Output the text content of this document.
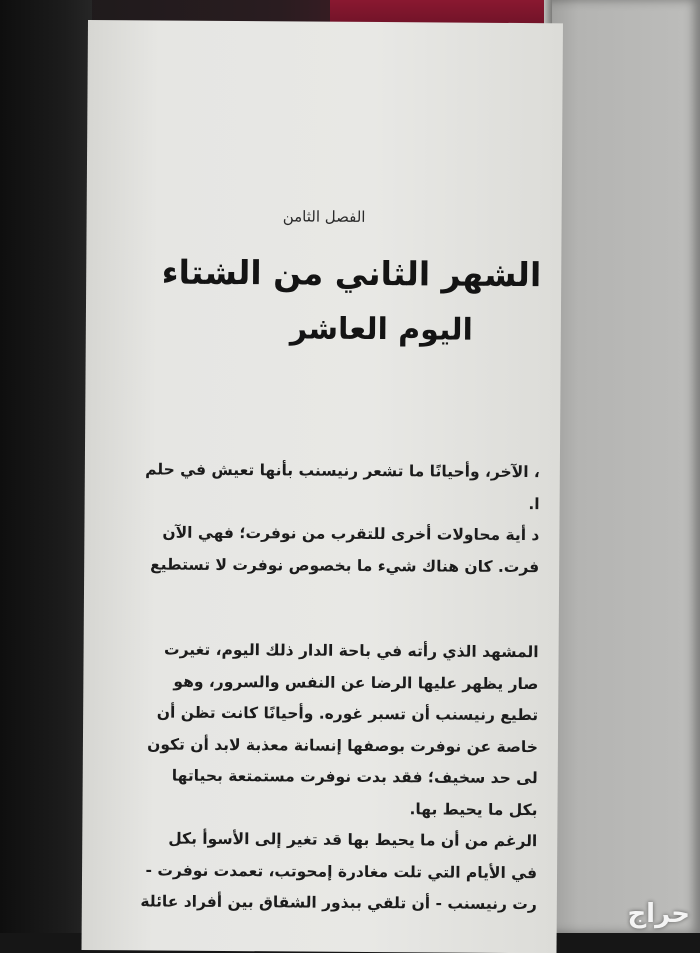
الفصل الثامن
الشهر الثاني من الشتاء
اليوم العاشر
، الآخر، وأحيانًا ما تشعر رنيسنب بأنها تعيش في حلم
ا.
د أية محاولات أخرى للتقرب من نوفرت؛ فهي الآن
فرت. كان هناك شيء ما بخصوص نوفرت لا تستطيع
المشهد الذي رأته في باحة الدار ذلك اليوم، تغيرت
صار يظهر عليها الرضا عن النفس والسرور، وهو
تطيع رنيسنب أن تسبر غوره. وأحيانًا كانت تظن أن
خاصة عن نوفرت بوصفها إنسانة معذبة لابد أن تكون
لى حد سخيف؛ فقد بدت نوفرت مستمتعة بحياتها
بكل ما يحيط بها.
الرغم من أن ما يحيط بها قد تغير إلى الأسوأ بكل
في الأيام التي تلت مغادرة إمحوتب، تعمدت نوفرت -
رت رنيسنب - أن تلقي ببذور الشقاق بين أفراد عائلة	حراج
